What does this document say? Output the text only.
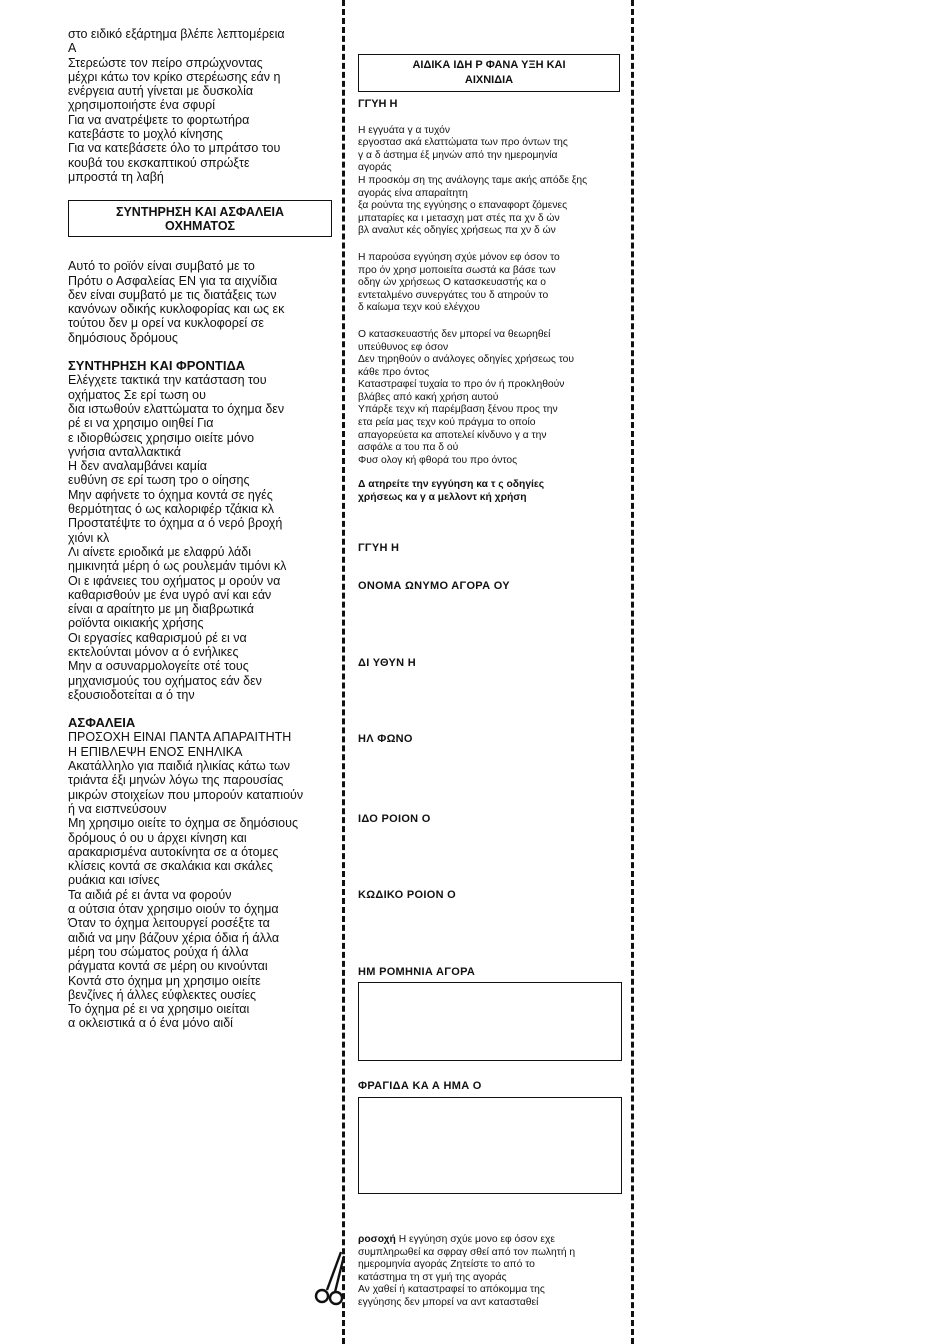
στο ειδικό εξάρτημα βλέπε λεπτομέρεια
Α
Στερεώστε τον πείρο σπρώχνοντας
μέχρι κάτω τον κρίκο στερέωσης εάν η
ενέργεια αυτή γίνεται με δυσκολία
χρησιμοποιήστε ένα σφυρί
Για να ανατρέψετε το φορτωτήρα
κατεβάστε το μοχλό κίνησης
Για να κατεβάσετε όλο το μπράτσο του
κουβά του εκσκαπτικού σπρώξτε
μπροστά τη λαβή
ΣΥΝΤΗΡΗΣΗ ΚΑΙ ΑΣΦΑΛΕΙΑ
ΟΧΗΜΑΤΟΣ
Αυτό το ροϊόν είναι συμβατό με το
Πρότυ ο Ασφαλείας ΕΝ για τα αιχνίδια
δεν είναι συμβατό με τις διατάξεις των
κανόνων οδικής κυκλοφορίας και ως εκ
τούτου δεν μ ορεί να κυκλοφορεί σε
δημόσιους δρόμους
ΣΥΝΤΗΡΗΣΗ ΚΑΙ ΦΡΟΝΤΙΔΑ
Ελέγχετε τακτικά την κατάσταση του
οχήματος Σε ερί τωση ου
δια ιστωθούν ελαττώματα το όχημα δεν
ρέ ει να χρησιμο οιηθεί Για
ε ιδιορθώσεις χρησιμο οιείτε μόνο
γνήσια ανταλλακτικά
Η δεν αναλαμβάνει καμία
ευθύνη σε ερί τωση τρο ο οίησης
Μην αφήνετε το όχημα κοντά σε ηγές
θερμότητας ό ως καλοριφέρ τζάκια κλ
Προστατέψτε το όχημα α ό νερό βροχή
χιόνι κλ
Λι αίνετε εριοδικά με ελαφρύ λάδι
ημικινητά μέρη ό ως ρουλεμάν τιμόνι κλ
Οι ε ιφάνειες του οχήματος μ ορούν να
καθαρισθούν με ένα υγρό ανί και εάν
είναι α αραίτητο με μη διαβρωτικά
ροϊόντα οικιακής χρήσης
Οι εργασίες καθαρισμού ρέ ει να
εκτελούνται μόνον α ό ενήλικες
Μην α οσυναρμολογείτε οτέ τους
μηχανισμούς του οχήματος εάν δεν
εξουσιοδοτείται α ό την
ΑΣΦΑΛΕΙΑ
ΠΡΟΣΟΧΗ ΕΙΝΑΙ ΠΑΝΤΑ ΑΠΑΡΑΙΤΗΤΗ
Η ΕΠΙΒΛΕΨΗ ΕΝΟΣ ΕΝΗΛΙΚΑ
Ακατάλληλο για παιδιά ηλικίας κάτω των
τριάντα έξι μηνών λόγω της παρουσίας
μικρών στοιχείων που μπορούν καταπιούν
ή να εισπνεύσουν
Μη χρησιμο οιείτε το όχημα σε δημόσιους
δρόμους ό ου υ άρχει κίνηση και
αρακαρισμένα αυτοκίνητα σε α ότομες
κλίσεις κοντά σε σκαλάκια και σκάλες
ρυάκια και ισίνες
Τα αιδιά ρέ ει άντα να φορούν
α ούτσια όταν χρησιμο οιούν το όχημα
Όταν το όχημα λειτουργεί ροσέξτε τα
αιδιά να μην βάζουν χέρια όδια ή άλλα
μέρη του σώματος ρούχα ή άλλα
ράγματα κοντά σε μέρη ου κινούνται
Κοντά στο όχημα μη χρησιμο οιείτε
βενζίνες ή άλλες εύφλεκτες ουσίες
Το όχημα ρέ ει να χρησιμο οιείται
α οκλειστικά α ό ένα μόνο αιδί
ΑΙΔΙΚΑ ΙΔΗ Ρ ΦΑΝΑ ΥΞΗ ΚΑΙ
ΑΙΧΝΙΔΙΑ
ΓΓΥΗ Η
Η εγγυάτα γ α τυχόν
εργοστασ ακά ελαττώματα των προ όντων της
γ α δ άστημα έξ μηνών από την ημερομηνία
αγοράς
Η προσκόμ ση της ανάλογης ταμε ακής απόδε ξης
αγοράς είνα απαραίτητη
ξα ρούντα της εγγύησης ο επαναφορτ ζόμενες
μπαταρίες κα ι μετασχη ματ στές πα χν δ ών
βλ αναλυτ κές οδηγίες χρήσεως πα χν δ ών
Η παρούσα εγγύηση σχύε μόνον εφ όσον το
προ όν χρησ μοποιείτα σωστά κα βάσε των
οδηγ ών χρήσεως Ο κατασκευαστής κα ο
εντεταλμένο συνεργάτες του δ ατηρούν το
δ καίωμα τεχν κού ελέγχου
Ο κατασκευαστής δεν μπορεί να θεωρηθεί
υπεύθυνος εφ όσον
Δεν τηρηθούν ο ανάλογες οδηγίες χρήσεως του
κάθε προ όντος
Καταστραφεί τυχαία το προ όν ή προκληθούν
βλάβες από κακή χρήση αυτού
Υπάρξε τεχν κή παρέμβαση ξένου προς την
ετα ρεία μας τεχν κού πράγμα το οποίο
απαγορεύετα κα αποτελεί κίνδυνο γ α την
ασφάλε α του πα δ ού
Φυσ ολογ κή φθορά του προ όντος
Δ ατηρείτε την εγγύηση κα τ ς οδηγίες
χρήσεως κα γ α μελλοντ κή χρήση
ΓΓΥΗ Η
ΟΝΟΜΑ ΩΝΥΜΟ ΑΓΟΡΑ ΟΥ
ΔΙ ΥΘΥΝ Η
ΗΛ ΦΩΝΟ
ΙΔΟ ΡΟΙΟΝ Ο
ΚΩΔΙΚΟ ΡΟΙΟΝ Ο
ΗΜ ΡΟΜΗΝΙΑ ΑΓΟΡΑ
ΦΡΑΓΙΔΑ ΚΑ Α ΗΜΑ Ο
ροσοχή Η εγγύηση σχύε μονο εφ όσον εχε
συμπληρωθεί κα σφραγ σθεί από τον πωλητή η
ημερομηνία αγοράς Ζητείστε το από το
κατάστημα τη στ γμή της αγοράς
Αν χαθεί ή καταστραφεί το απόκομμα της
εγγύησης δεν μπορεί να αντ κατασταθεί
